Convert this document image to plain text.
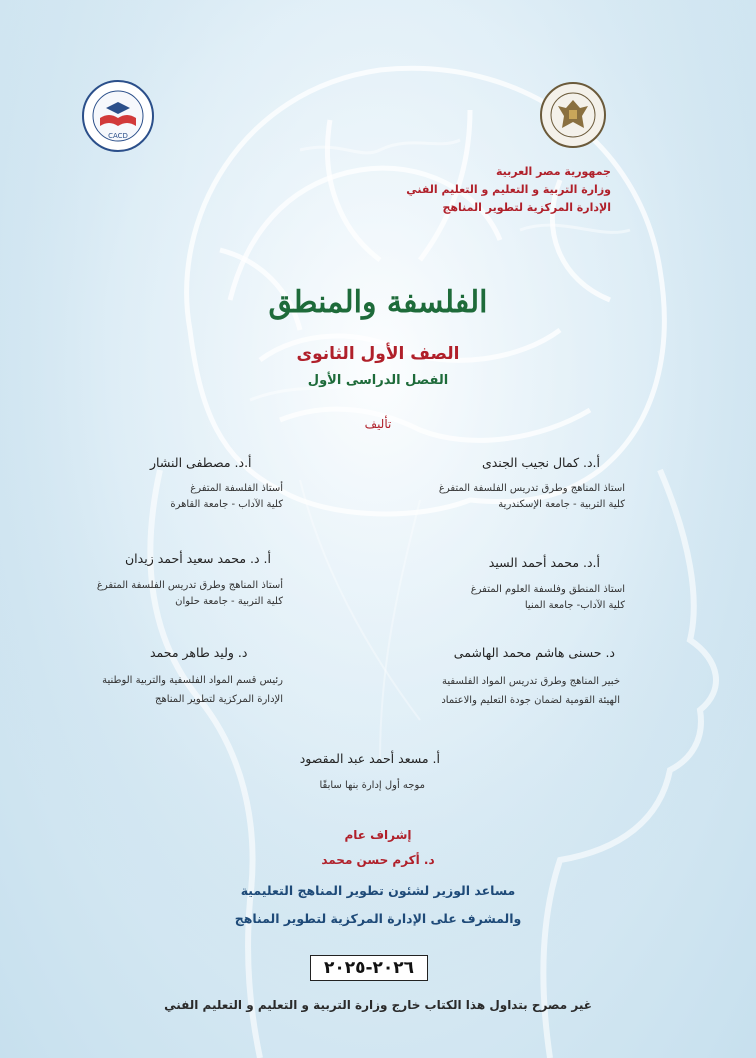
CACD
جمهورية مصر العربية
وزارة التربية و التعليم و التعليم الفني
الإدارة المركزية لتطوير المناهج
الفلسفة والمنطق
الصف الأول الثانوى
الفصل الدراسى الأول
تأليف
أ.د. مصطفى النشار
أستاذ الفلسفة المتفرغ
كلية الآداب - جامعة القاهرة
أ. د. محمد سعيد أحمد زيدان
أستاذ المناهج وطرق تدريس الفلسفة المتفرغ
كلية التربية - جامعة حلوان
د. وليد طاهر محمد
رئيس قسم المواد الفلسفية والتربية الوطنية
الإدارة المركزية لتطوير المناهج
أ.د. كمال نجيب الجندى
استاذ المناهج وطرق تدريس الفلسفة المتفرغ
كلية التربية - جامعة الإسكندرية
أ.د. محمد أحمد السيد
استاذ المنطق وفلسفة العلوم المتفرغ
كلية الآداب- جامعة المنيا
د. حسنى هاشم محمد الهاشمى
خبير المناهج وطرق تدريس المواد الفلسفية
الهيئة القومية لضمان جودة التعليم والاعتماد
أ. مسعد أحمد عبد المقصود
موجه أول إدارة بنها سابقًا
إشراف عام
د. أكرم حسن محمد
مساعد الوزير لشئون تطوير المناهج التعليمية
والمشرف على الإدارة المركزية لتطوير المناهج
٢٠٢٦-٢٠٢٥
غير مصرح بتداول هذا الكتاب خارج وزارة التربية و التعليم و التعليم الفني
